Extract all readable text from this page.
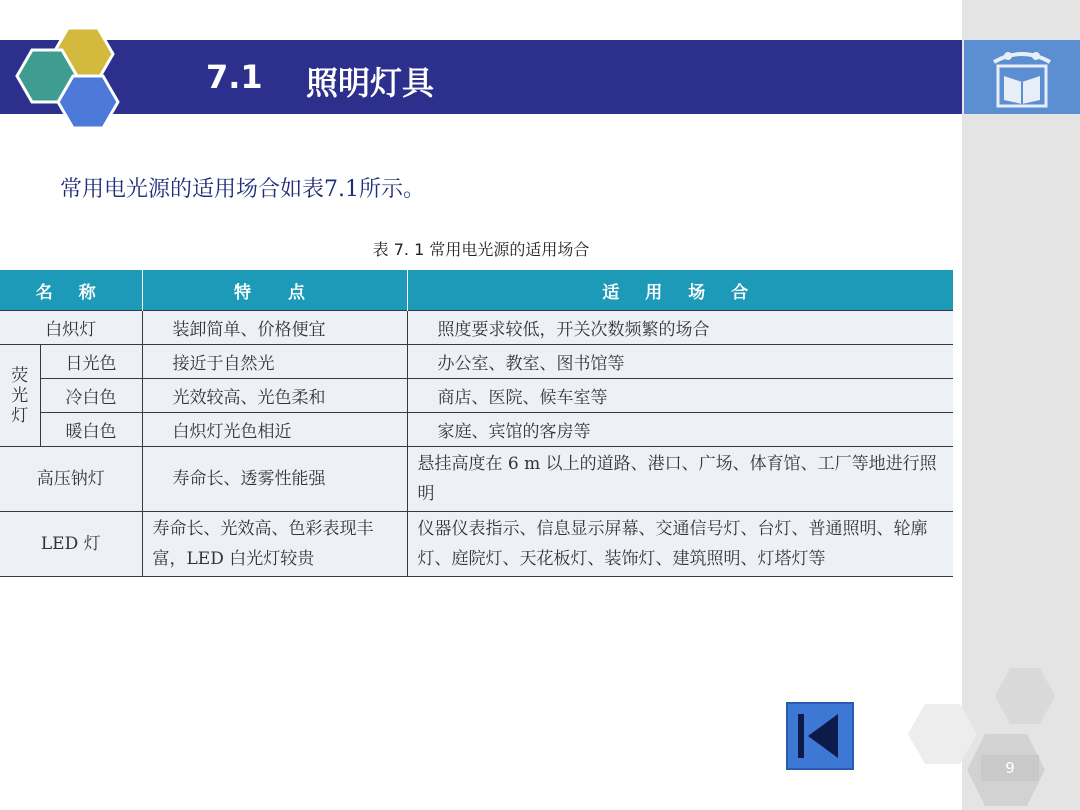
7.1 照明灯具
常用电光源的适用场合如表7.1所示。
表 7. 1 常用电光源的适用场合
名 称		特　点	适 用 场 合
白炽灯		装卸简单、价格便宜	照度要求较低，开关次数频繁的场合
荧光灯	日光色	接近于自然光	办公室、教室、图书馆等
	冷白色	光效较高、光色柔和	商店、医院、候车室等
	暖白色	白炽灯光色相近	家庭、宾馆的客房等
高压钠灯		寿命长、透雾性能强	悬挂高度在 6 m 以上的道路、港口、广场、体育馆、工厂等地进行照明
LED 灯		寿命长、光效高、色彩表现丰富，LED 白光灯较贵	仪器仪表指示、信息显示屏幕、交通信号灯、台灯、普通照明、轮廓灯、庭院灯、天花板灯、装饰灯、建筑照明、灯塔灯等
9
